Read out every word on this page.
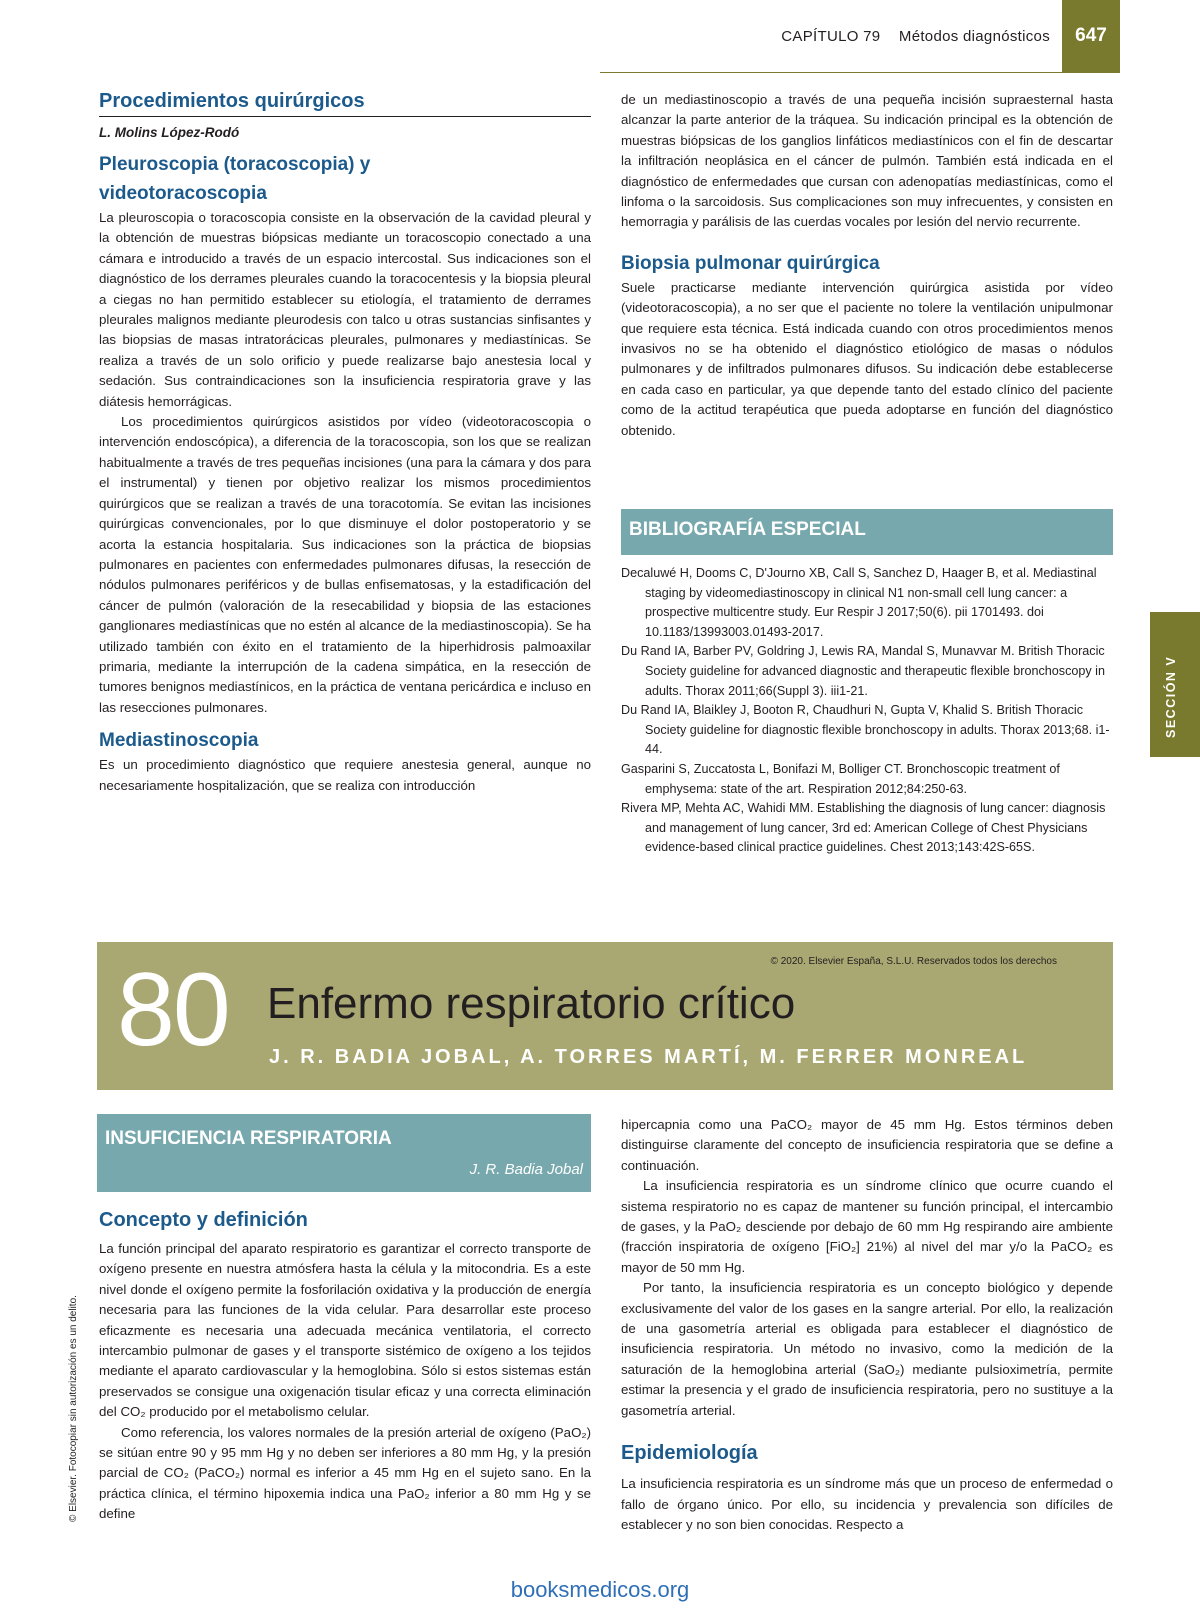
CAPÍTULO 79 Métodos diagnósticos 647
SECCIÓN V
© Elsevier. Fotocopiar sin autorización es un delito.
Procedimientos quirúrgicos

L. Molins López-Rodó

Pleuroscopia (toracoscopia) y videotoracoscopia

La pleuroscopia o toracoscopia consiste en la observación de la cavidad pleural y la obtención de muestras biópsicas mediante un toracoscopio conectado a una cámara e introducido a través de un espacio intercostal. Sus indicaciones son el diagnóstico de los derrames pleurales cuando la toracocentesis y la biopsia pleural a ciegas no han permitido establecer su etiología, el tratamiento de derrames pleurales malignos mediante pleurodesis con talco u otras sustancias sinfisantes y las biopsias de masas intratorácicas pleurales, pulmonares y mediastínicas. Se realiza a través de un solo orificio y puede realizarse bajo anestesia local y sedación. Sus contraindicaciones son la insuficiencia respiratoria grave y las diátesis hemorrágicas.

Los procedimientos quirúrgicos asistidos por vídeo (videotoracoscopia o intervención endoscópica), a diferencia de la toracoscopia, son los que se realizan habitualmente a través de tres pequeñas incisiones (una para la cámara y dos para el instrumental) y tienen por objetivo realizar los mismos procedimientos quirúrgicos que se realizan a través de una toracotomía. Se evitan las incisiones quirúrgicas convencionales, por lo que disminuye el dolor postoperatorio y se acorta la estancia hospitalaria. Sus indicaciones son la práctica de biopsias pulmonares en pacientes con enfermedades pulmonares difusas, la resección de nódulos pulmonares periféricos y de bullas enfisematosas, y la estadificación del cáncer de pulmón (valoración de la resecabilidad y biopsia de las estaciones ganglionares mediastínicas que no estén al alcance de la mediastinoscopia). Se ha utilizado también con éxito en el tratamiento de la hiperhidrosis palmoaxilar primaria, mediante la interrupción de la cadena simpática, en la resección de tumores benignos mediastínicos, en la práctica de ventana pericárdica e incluso en las resecciones pulmonares.

Mediastinoscopia

Es un procedimiento diagnóstico que requiere anestesia general, aunque no necesariamente hospitalización, que se realiza con introducción

de un mediastinoscopio a través de una pequeña incisión supraesternal hasta alcanzar la parte anterior de la tráquea. Su indicación principal es la obtención de muestras biópsicas de los ganglios linfáticos mediastínicos con el fin de descartar la infiltración neoplásica en el cáncer de pulmón. También está indicada en el diagnóstico de enfermedades que cursan con adenopatías mediastínicas, como el linfoma o la sarcoidosis. Sus complicaciones son muy infrecuentes, y consisten en hemorragia y parálisis de las cuerdas vocales por lesión del nervio recurrente.

Biopsia pulmonar quirúrgica

Suele practicarse mediante intervención quirúrgica asistida por vídeo (videotoracoscopia), a no ser que el paciente no tolere la ventilación unipulmonar que requiere esta técnica. Está indicada cuando con otros procedimientos menos invasivos no se ha obtenido el diagnóstico etiológico de masas o nódulos pulmonares y de infiltrados pulmonares difusos. Su indicación debe establecerse en cada caso en particular, ya que depende tanto del estado clínico del paciente como de la actitud terapéutica que pueda adoptarse en función del diagnóstico obtenido.

BIBLIOGRAFÍA ESPECIAL
Decaluwé H, Dooms C, D'Journo XB, Call S, Sanchez D, Haager B, et al. Mediastinal staging by videomediastinoscopy in clinical N1 non-small cell lung cancer: a prospective multicentre study. Eur Respir J 2017;50(6). pii 1701493. doi 10.1183/13993003.01493-2017.
Du Rand IA, Barber PV, Goldring J, Lewis RA, Mandal S, Munavvar M. British Thoracic Society guideline for advanced diagnostic and therapeutic flexible bronchoscopy in adults. Thorax 2011;66(Suppl 3). iii1-21.
Du Rand IA, Blaikley J, Booton R, Chaudhuri N, Gupta V, Khalid S. British Thoracic Society guideline for diagnostic flexible bronchoscopy in adults. Thorax 2013;68. i1-44.
Gasparini S, Zuccatosta L, Bonifazi M, Bolliger CT. Bronchoscopic treatment of emphysema: state of the art. Respiration 2012;84:250-63.
Rivera MP, Mehta AC, Wahidi MM. Establishing the diagnosis of lung cancer: diagnosis and management of lung cancer, 3rd ed: American College of Chest Physicians evidence-based clinical practice guidelines. Chest 2013;143:42S-65S.
© 2020. Elsevier España, S.L.U. Reservados todos los derechos
80 Enfermo respiratorio crítico
J. R. BADIA JOBAL, A. TORRES MARTÍ, M. FERRER MONREAL
INSUFICIENCIA RESPIRATORIA
J. R. Badia Jobal
Concepto y definición

La función principal del aparato respiratorio es garantizar el correcto transporte de oxígeno presente en nuestra atmósfera hasta la célula y la mitocondria. Es a este nivel donde el oxígeno permite la fosforilación oxidativa y la producción de energía necesaria para las funciones de la vida celular. Para desarrollar este proceso eficazmente es necesaria una adecuada mecánica ventilatoria, el correcto intercambio pulmonar de gases y el transporte sistémico de oxígeno a los tejidos mediante el aparato cardiovascular y la hemoglobina. Sólo si estos sistemas están preservados se consigue una oxigenación tisular eficaz y una correcta eliminación del CO₂ producido por el metabolismo celular.

Como referencia, los valores normales de la presión arterial de oxígeno (PaO₂) se sitúan entre 90 y 95 mm Hg y no deben ser inferiores a 80 mm Hg, y la presión parcial de CO₂ (PaCO₂) normal es inferior a 45 mm Hg en el sujeto sano. En la práctica clínica, el término hipoxemia indica una PaO₂ inferior a 80 mm Hg y se define

hipercapnia como una PaCO₂ mayor de 45 mm Hg. Estos términos deben distinguirse claramente del concepto de insuficiencia respiratoria que se define a continuación.

La insuficiencia respiratoria es un síndrome clínico que ocurre cuando el sistema respiratorio no es capaz de mantener su función principal, el intercambio de gases, y la PaO₂ desciende por debajo de 60 mm Hg respirando aire ambiente (fracción inspiratoria de oxígeno [FiO₂] 21%) al nivel del mar y/o la PaCO₂ es mayor de 50 mm Hg.

Por tanto, la insuficiencia respiratoria es un concepto biológico y depende exclusivamente del valor de los gases en la sangre arterial. Por ello, la realización de una gasometría arterial es obligada para establecer el diagnóstico de insuficiencia respiratoria. Un método no invasivo, como la medición de la saturación de la hemoglobina arterial (SaO₂) mediante pulsioximetría, permite estimar la presencia y el grado de insuficiencia respiratoria, pero no sustituye a la gasometría arterial.

Epidemiología

La insuficiencia respiratoria es un síndrome más que un proceso de enfermedad o fallo de órgano único. Por ello, su incidencia y prevalencia son difíciles de establecer y no son bien conocidas. Respecto a

booksmedicos.org
